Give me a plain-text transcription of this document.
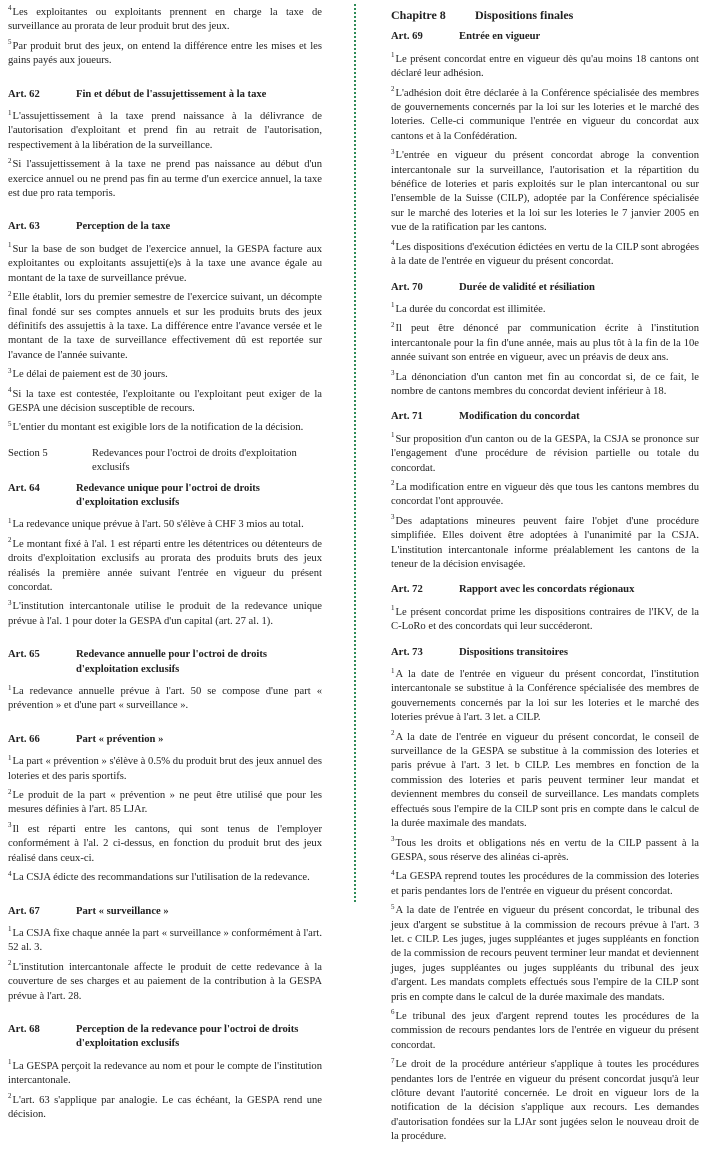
$^4$Les exploitantes ou exploitants prennent en charge la taxe de surveillance au prorata de leur produit brut des jeux.

$^5$Par produit brut des jeux, on entend la différence entre les mises et les gains payés aux joueurs.

Art. 62	Fin et début de l'assujettissement à la taxe

$^1$L'assujettissement à la taxe prend naissance à la délivrance de l'autorisation d'exploitant et prend fin au retrait de l'autorisation, respectivement à la libération de la surveillance.

$^2$Si l'assujettissement à la taxe ne prend pas naissance au début d'un exercice annuel ou ne prend pas fin au terme d'un exercice annuel, la taxe est due pro rata temporis.

Art. 63	Perception de la taxe

$^1$Sur la base de son budget de l'exercice annuel, la GESPA facture aux exploitantes ou exploitants assujetti(e)s à la taxe une avance égale au montant de la taxe de surveillance prévue.

$^2$Elle établit, lors du premier semestre de l'exercice suivant, un décompte final fondé sur ses comptes annuels et sur les produits bruts des jeux définitifs des assujettis à la taxe. La différence entre l'avance versée et le montant de la taxe de surveillance effectivement dû est reportée sur l'avance de l'année suivante.

$^3$Le délai de paiement est de 30 jours.

$^4$Si la taxe est contestée, l'exploitante ou l'exploitant peut exiger de la GESPA une décision susceptible de recours.

$^5$L'entier du montant est exigible lors de la notification de la décision.

Section 5	Redevances pour l'octroi de droits d'exploitation exclusifs
Art. 64	Redevance unique pour l'octroi de droits d'exploitation exclusifs

$^1$La redevance unique prévue à l'art. 50 s'élève à CHF 3 mios au total.

$^2$Le montant fixé à l'al. 1 est réparti entre les détentrices ou détenteurs de droits d'exploitation exclusifs au prorata des produits bruts des jeux réalisés la première année suivant l'entrée en vigueur du présent concordat.

$^3$L'institution intercantonale utilise le produit de la redevance unique prévue à l'al. 1 pour doter la GESPA d'un capital (art. 27 al. 1).

Art. 65	Redevance annuelle pour l'octroi de droits d'exploitation exclusifs

$^1$La redevance annuelle prévue à l'art. 50 se compose d'une part « prévention » et d'une part « surveillance ».

Art. 66	Part « prévention »

$^1$La part « prévention » s'élève à 0.5% du produit brut des jeux annuel des loteries et des paris sportifs.

$^2$Le produit de la part « prévention » ne peut être utilisé que pour les mesures définies à l'art. 85 LJAr.

$^3$Il est réparti entre les cantons, qui sont tenus de l'employer conformément à l'al. 2 ci-dessus, en fonction du produit brut des jeux réalisé dans ceux-ci.

$^4$La CSJA édicte des recommandations sur l'utilisation de la redevance.

Art. 67	Part « surveillance »

$^1$La CSJA fixe chaque année la part « surveillance » conformément à l'art. 52 al. 3.

$^2$L'institution intercantonale affecte le produit de cette redevance à la couverture de ses charges et au paiement de la contribution à la GESPA prévue à l'art. 28.

Art. 68	Perception de la redevance pour l'octroi de droits d'exploitation exclusifs

$^1$La GESPA perçoit la redevance au nom et pour le compte de l'institution intercantonale.

$^2$L'art. 63 s'applique par analogie. Le cas échéant, la GESPA rend une décision.

Chapitre 8	Dispositions finales
Art. 69	Entrée en vigueur

$^1$Le présent concordat entre en vigueur dès qu'au moins 18 cantons ont déclaré leur adhésion.

$^2$L'adhésion doit être déclarée à la Conférence spécialisée des membres de gouvernements concernés par la loi sur les loteries et le marché des loteries. Celle-ci communique l'entrée en vigueur du concordat aux cantons et à la Confédération.

$^3$L'entrée en vigueur du présent concordat abroge la convention intercantonale sur la surveillance, l'autorisation et la répartition du bénéfice de loteries et paris exploités sur le plan intercantonal ou sur l'ensemble de la Suisse (CILP), adoptée par la Conférence spécialisée sur le marché des loteries et la loi sur les loteries le 7 janvier 2005 en vue de la ratification par les cantons.

$^4$Les dispositions d'exécution édictées en vertu de la CILP sont abrogées à la date de l'entrée en vigueur du présent concordat.

Art. 70	Durée de validité et résiliation

$^1$La durée du concordat est illimitée.

$^2$Il peut être dénoncé par communication écrite à l'institution intercantonale pour la fin d'une année, mais au plus tôt à la fin de la 10e année suivant son entrée en vigueur, avec un préavis de deux ans.

$^3$La dénonciation d'un canton met fin au concordat si, de ce fait, le nombre de cantons membres du concordat devient inférieur à 18.

Art. 71	Modification du concordat

$^1$Sur proposition d'un canton ou de la GESPA, la CSJA se prononce sur l'engagement d'une procédure de révision partielle ou totale du concordat.

$^2$La modification entre en vigueur dès que tous les cantons membres du concordat l'ont approuvée.

$^3$Des adaptations mineures peuvent faire l'objet d'une procédure simplifiée. Elles doivent être adoptées à l'unanimité par la CSJA. L'institution intercantonale informe préalablement les cantons de la teneur de la décision envisagée.

Art. 72	Rapport avec les concordats régionaux

$^1$Le présent concordat prime les dispositions contraires de l'IKV, de la C-LoRo et des concordats qui leur succéderont.

Art. 73	Dispositions transitoires

$^1$A la date de l'entrée en vigueur du présent concordat, l'institution intercantonale se substitue à la Conférence spécialisée des membres de gouvernements concernés par la loi sur les loteries et le marché des loteries prévue à l'art. 3 let. a CILP.

$^2$A la date de l'entrée en vigueur du présent concordat, le conseil de surveillance de la GESPA se substitue à la commission des loteries et paris prévue à l'art. 3 let. b CILP. Les membres en fonction de la commission des loteries et paris peuvent terminer leur mandat et deviennent membres du conseil de surveillance. Les mandats complets effectués sous l'empire de la CILP sont pris en compte dans le calcul de la durée maximale des mandats.

$^3$Tous les droits et obligations nés en vertu de la CILP passent à la GESPA, sous réserve des alinéas ci-après.

$^4$La GESPA reprend toutes les procédures de la commission des loteries et paris pendantes lors de l'entrée en vigueur du présent concordat.

$^5$A la date de l'entrée en vigueur du présent concordat, le tribunal des jeux d'argent se substitue à la commission de recours prévue à l'art. 3 let. c CILP. Les juges, juges suppléantes et juges suppléants en fonction de la commission de recours peuvent terminer leur mandat et deviennent juges, juges suppléantes ou juges suppléants du tribunal des jeux d'argent. Les mandats complets effectués sous l'empire de la CILP sont pris en compte dans le calcul de la durée maximale des mandats.

$^6$Le tribunal des jeux d'argent reprend toutes les procédures de la commission de recours pendantes lors de l'entrée en vigueur du présent concordat.

$^7$Le droit de la procédure antérieur s'applique à toutes les procédures pendantes lors de l'entrée en vigueur du présent concordat jusqu'à leur clôture devant l'autorité concernée. Le droit en vigueur lors de la notification de la décision s'applique aux recours. Les demandes d'autorisation fondées sur la LJAr sont jugées selon le nouveau droit de la procédure.
